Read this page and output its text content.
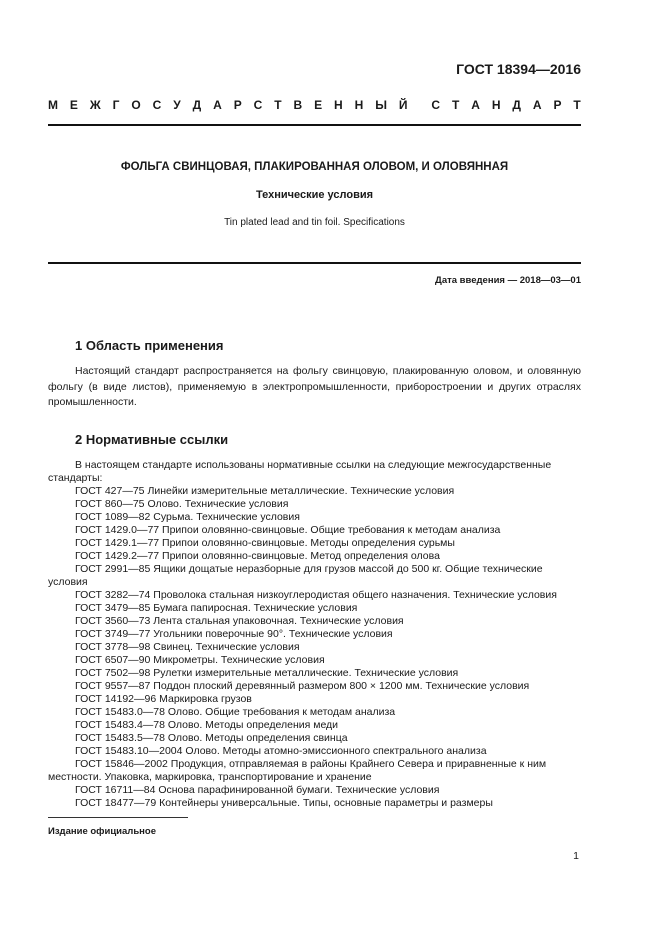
ГОСТ 18394—2016
М Е Ж Г О С У Д А Р С Т В Е Н Н Ы Й С Т А Н Д А Р Т
ФОЛЬГА СВИНЦОВАЯ, ПЛАКИРОВАННАЯ ОЛОВОМ, И ОЛОВЯННАЯ
Технические условия
Tin plated lead and tin foil. Specifications
Дата введения — 2018—03—01
1 Область применения

Настоящий стандарт распространяется на фольгу свинцовую, плакированную оловом, и оловянную фольгу (в виде листов), применяемую в электропромышленности, приборостроении и других отраслях промышленности.

2 Нормативные ссылки

В настоящем стандарте использованы нормативные ссылки на следующие межгосударственные стандарты:

ГОСТ 427—75 Линейки измерительные металлические. Технические условия

ГОСТ 860—75 Олово. Технические условия

ГОСТ 1089—82 Сурьма. Технические условия

ГОСТ 1429.0—77 Припои оловянно-свинцовые. Общие требования к методам анализа

ГОСТ 1429.1—77 Припои оловянно-свинцовые. Методы определения сурьмы

ГОСТ 1429.2—77 Припои оловянно-свинцовые. Метод определения олова

ГОСТ 2991—85 Ящики дощатые неразборные для грузов массой до 500 кг. Общие технические условия

ГОСТ 3282—74 Проволока стальная низкоуглеродистая общего назначения. Технические условия

ГОСТ 3479—85 Бумага папиросная. Технические условия

ГОСТ 3560—73 Лента стальная упаковочная. Технические условия

ГОСТ 3749—77 Угольники поверочные 90°. Технические условия

ГОСТ 3778—98 Свинец. Технические условия

ГОСТ 6507—90 Микрометры. Технические условия

ГОСТ 7502—98 Рулетки измерительные металлические. Технические условия

ГОСТ 9557—87 Поддон плоский деревянный размером 800 × 1200 мм. Технические условия

ГОСТ 14192—96 Маркировка грузов

ГОСТ 15483.0—78 Олово. Общие требования к методам анализа

ГОСТ 15483.4—78 Олово. Методы определения меди

ГОСТ 15483.5—78 Олово. Методы определения свинца

ГОСТ 15483.10—2004 Олово. Методы атомно-эмиссионного спектрального анализа

ГОСТ 15846—2002 Продукция, отправляемая в районы Крайнего Севера и приравненные к ним местности. Упаковка, маркировка, транспортирование и хранение

ГОСТ 16711—84 Основа парафинированной бумаги. Технические условия

ГОСТ 18477—79 Контейнеры универсальные. Типы, основные параметры и размеры

Издание официальное
1
